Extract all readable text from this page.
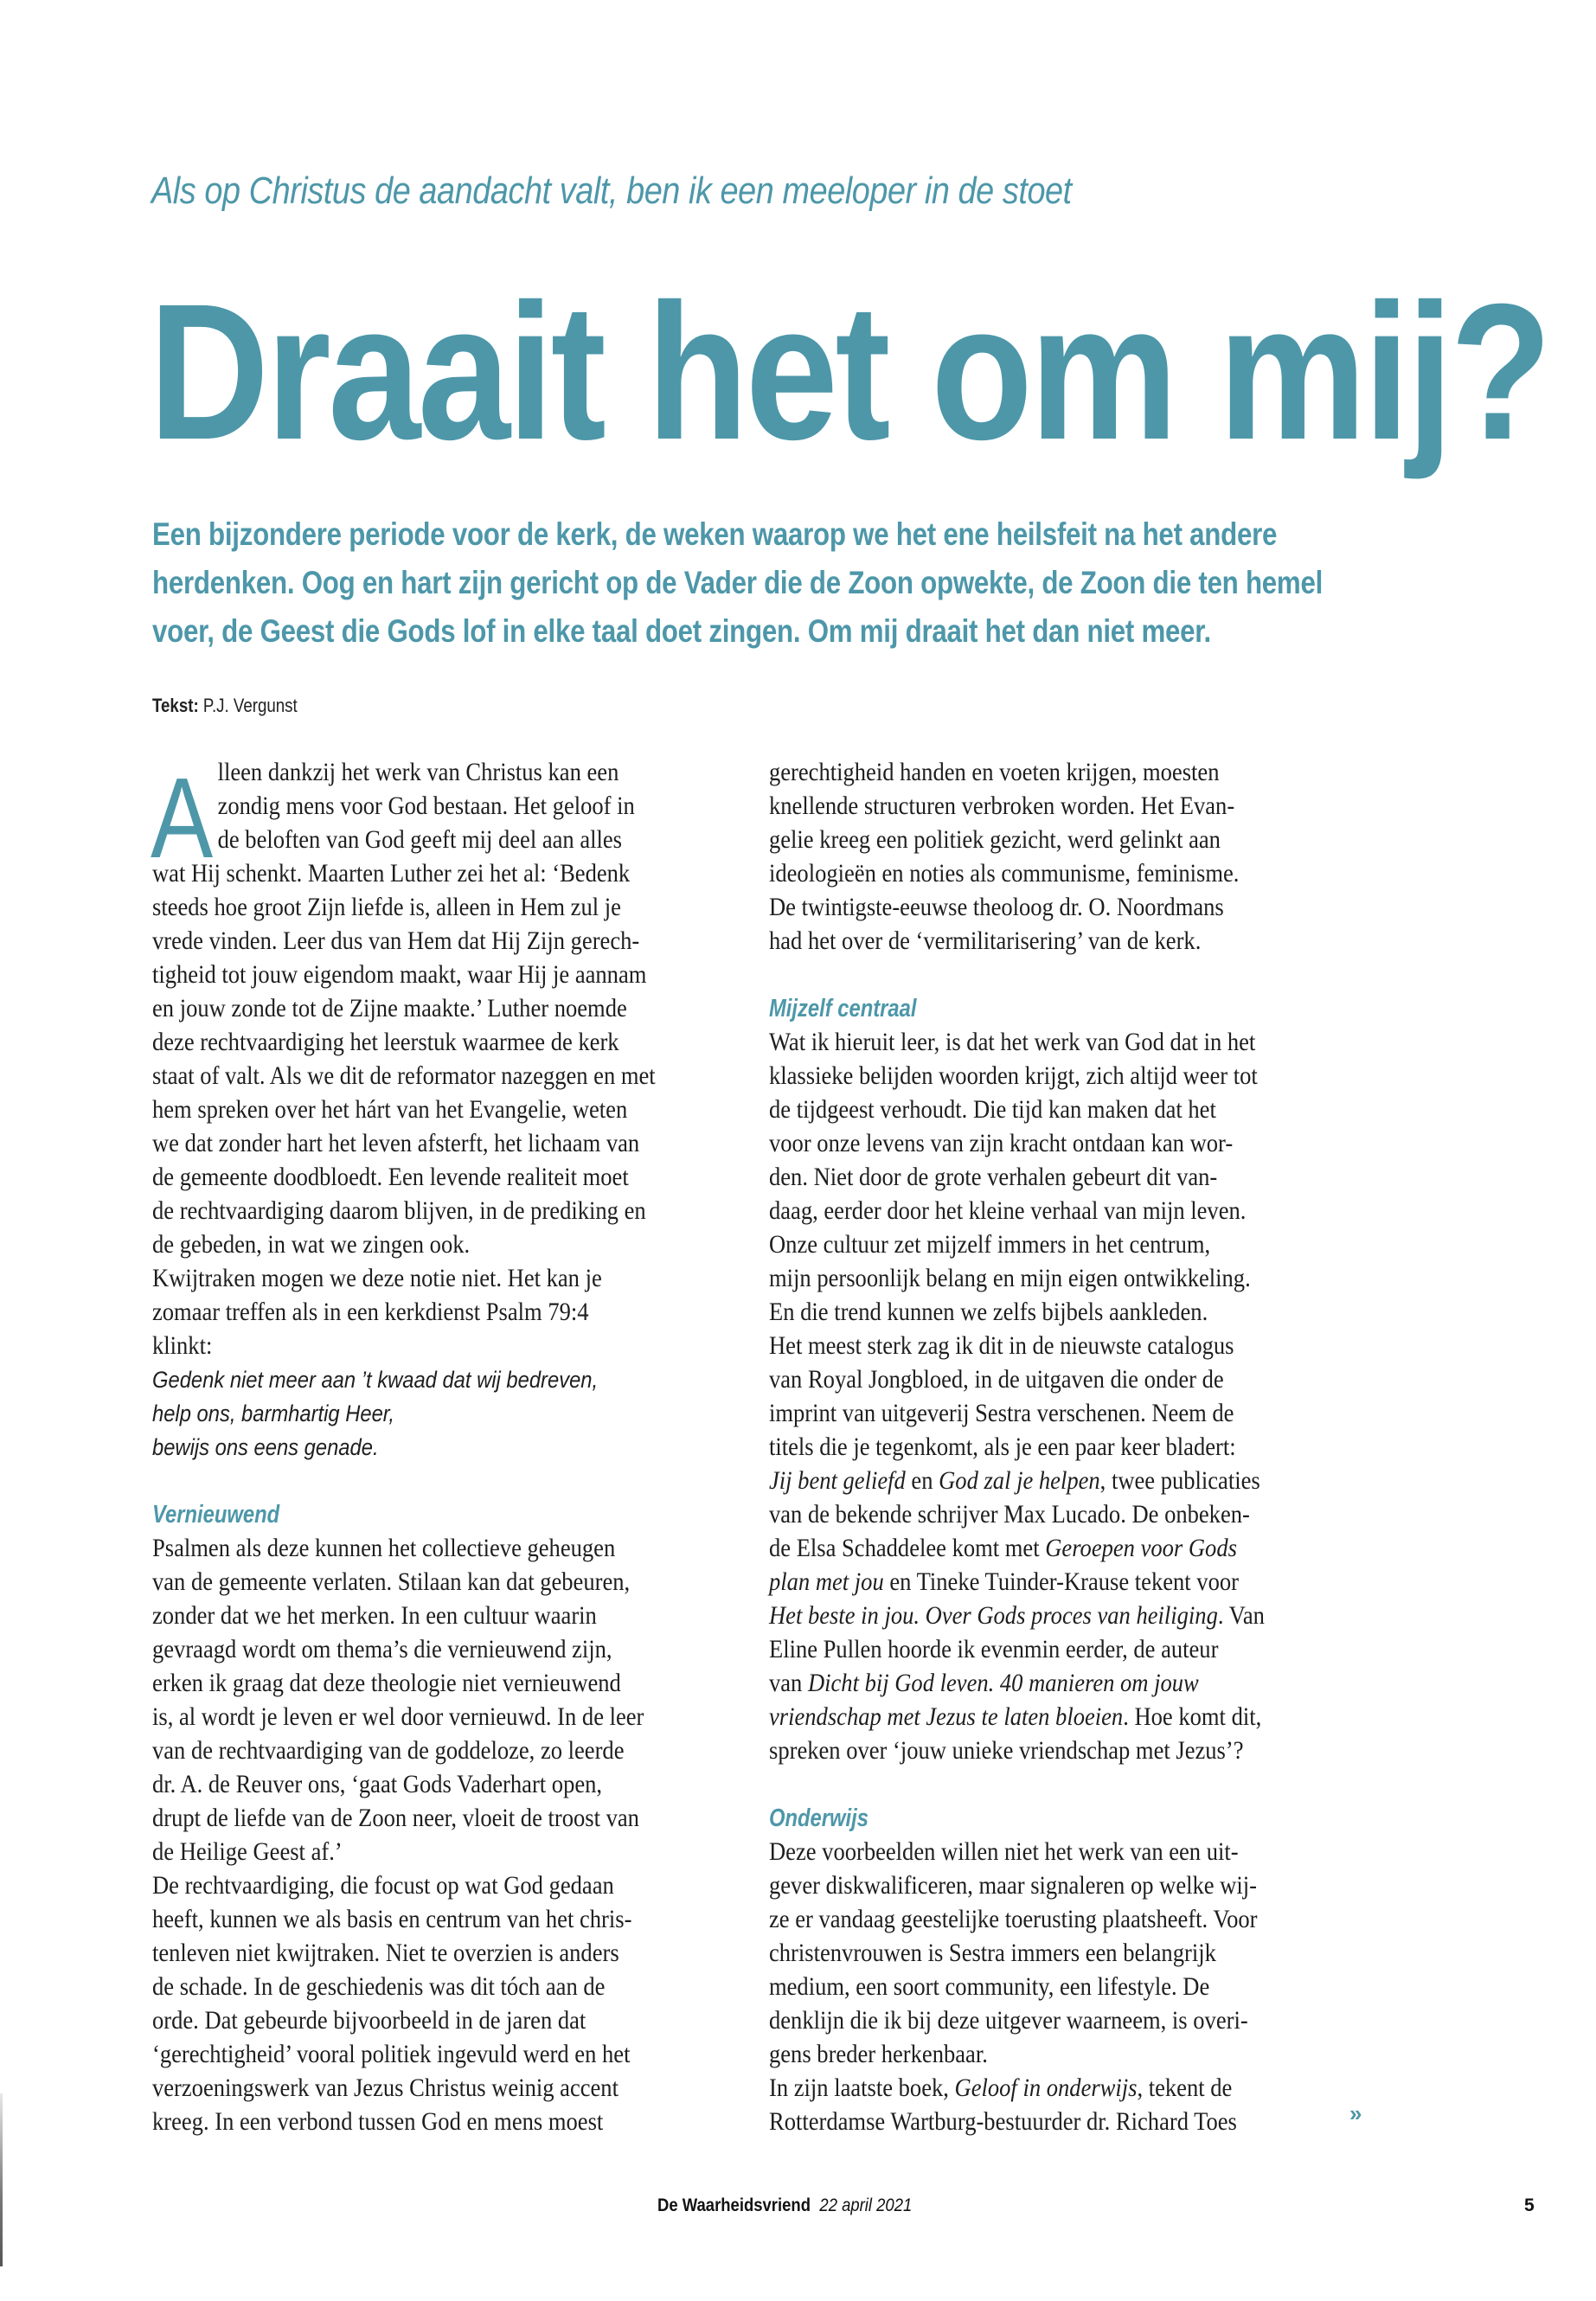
Als op Christus de aandacht valt, ben ik een meeloper in de stoet
Draait het om mij?
Een bijzondere periode voor de kerk, de weken waarop we het ene heilsfeit na het andere
herdenken. Oog en hart zijn gericht op de Vader die de Zoon opwekte, de Zoon die ten hemel
voer, de Geest die Gods lof in elke taal doet zingen. Om mij draait het dan niet meer.
Tekst: P.J. Vergunst
A lleen dankzij het werk van Christus kan een
zondig mens voor God bestaan. Het geloof in
de beloften van God geeft mij deel aan alles
wat Hij schenkt. Maarten Luther zei het al: ‘Bedenk
steeds hoe groot Zijn liefde is, alleen in Hem zul je
vrede vinden. Leer dus van Hem dat Hij Zijn gerech-
tigheid tot jouw eigendom maakt, waar Hij je aannam
en jouw zonde tot de Zijne maakte.’ Luther noemde
deze rechtvaardiging het leerstuk waarmee de kerk
staat of valt. Als we dit de reformator nazeggen en met
hem spreken over het hárt van het Evangelie, weten
we dat zonder hart het leven afsterft, het lichaam van
de gemeente doodbloedt. Een levende realiteit moet
de rechtvaardiging daarom blijven, in de prediking en
de gebeden, in wat we zingen ook.
Kwijtraken mogen we deze notie niet. Het kan je
zomaar treffen als in een kerkdienst Psalm 79:4
klinkt:
Gedenk niet meer aan ’t kwaad dat wij bedreven,
help ons, barmhartig Heer,
bewijs ons eens genade.
Vernieuwend
Psalmen als deze kunnen het collectieve geheugen
van de gemeente verlaten. Stilaan kan dat gebeuren,
zonder dat we het merken. In een cultuur waarin
gevraagd wordt om thema’s die vernieuwend zijn,
erken ik graag dat deze theologie niet vernieuwend
is, al wordt je leven er wel door vernieuwd. In de leer
van de rechtvaardiging van de goddeloze, zo leerde
dr. A. de Reuver ons, ‘gaat Gods Vaderhart open,
drupt de liefde van de Zoon neer, vloeit de troost van
de Heilige Geest af.’
De rechtvaardiging, die focust op wat God gedaan
heeft, kunnen we als basis en centrum van het chris-
tenleven niet kwijtraken. Niet te overzien is anders
de schade. In de geschiedenis was dit tóch aan de
orde. Dat gebeurde bijvoorbeeld in de jaren dat
‘gerechtigheid’ vooral politiek ingevuld werd en het
verzoeningswerk van Jezus Christus weinig accent
kreeg. In een verbond tussen God en mens moest
gerechtigheid handen en voeten krijgen, moesten
knellende structuren verbroken worden. Het Evan-
gelie kreeg een politiek gezicht, werd gelinkt aan
ideologieën en noties als communisme, feminisme.
De twintigste-eeuwse theoloog dr. O. Noordmans
had het over de ‘vermilitarisering’ van de kerk.
Mijzelf centraal
Wat ik hieruit leer, is dat het werk van God dat in het
klassieke belijden woorden krijgt, zich altijd weer tot
de tijdgeest verhoudt. Die tijd kan maken dat het
voor onze levens van zijn kracht ontdaan kan wor-
den. Niet door de grote verhalen gebeurt dit van-
daag, eerder door het kleine verhaal van mijn leven.
Onze cultuur zet mijzelf immers in het centrum,
mijn persoonlijk belang en mijn eigen ontwikkeling.
En die trend kunnen we zelfs bijbels aankleden.
Het meest sterk zag ik dit in de nieuwste catalogus
van Royal Jongbloed, in de uitgaven die onder de
imprint van uitgeverij Sestra verschenen. Neem de
titels die je tegenkomt, als je een paar keer bladert:
Jij bent geliefd en God zal je helpen, twee publicaties
van de bekende schrijver Max Lucado. De onbeken-
de Elsa Schaddelee komt met Geroepen voor Gods
plan met jou en Tineke Tuinder-Krause tekent voor
Het beste in jou. Over Gods proces van heiliging. Van
Eline Pullen hoorde ik evenmin eerder, de auteur
van Dicht bij God leven. 40 manieren om jouw
vriendschap met Jezus te laten bloeien. Hoe komt dit,
spreken over ‘jouw unieke vriendschap met Jezus’?
Onderwijs
Deze voorbeelden willen niet het werk van een uit-
gever diskwalificeren, maar signaleren op welke wij-
ze er vandaag geestelijke toerusting plaatsheeft. Voor
christenvrouwen is Sestra immers een belangrijk
medium, een soort community, een lifestyle. De
denklijn die ik bij deze uitgever waarneem, is overi-
gens breder herkenbaar.
In zijn laatste boek, Geloof in onderwijs, tekent de
Rotterdamse Wartburg-bestuurder dr. Richard Toes	»
De Waarheidsvriend 22 april 2021	5
